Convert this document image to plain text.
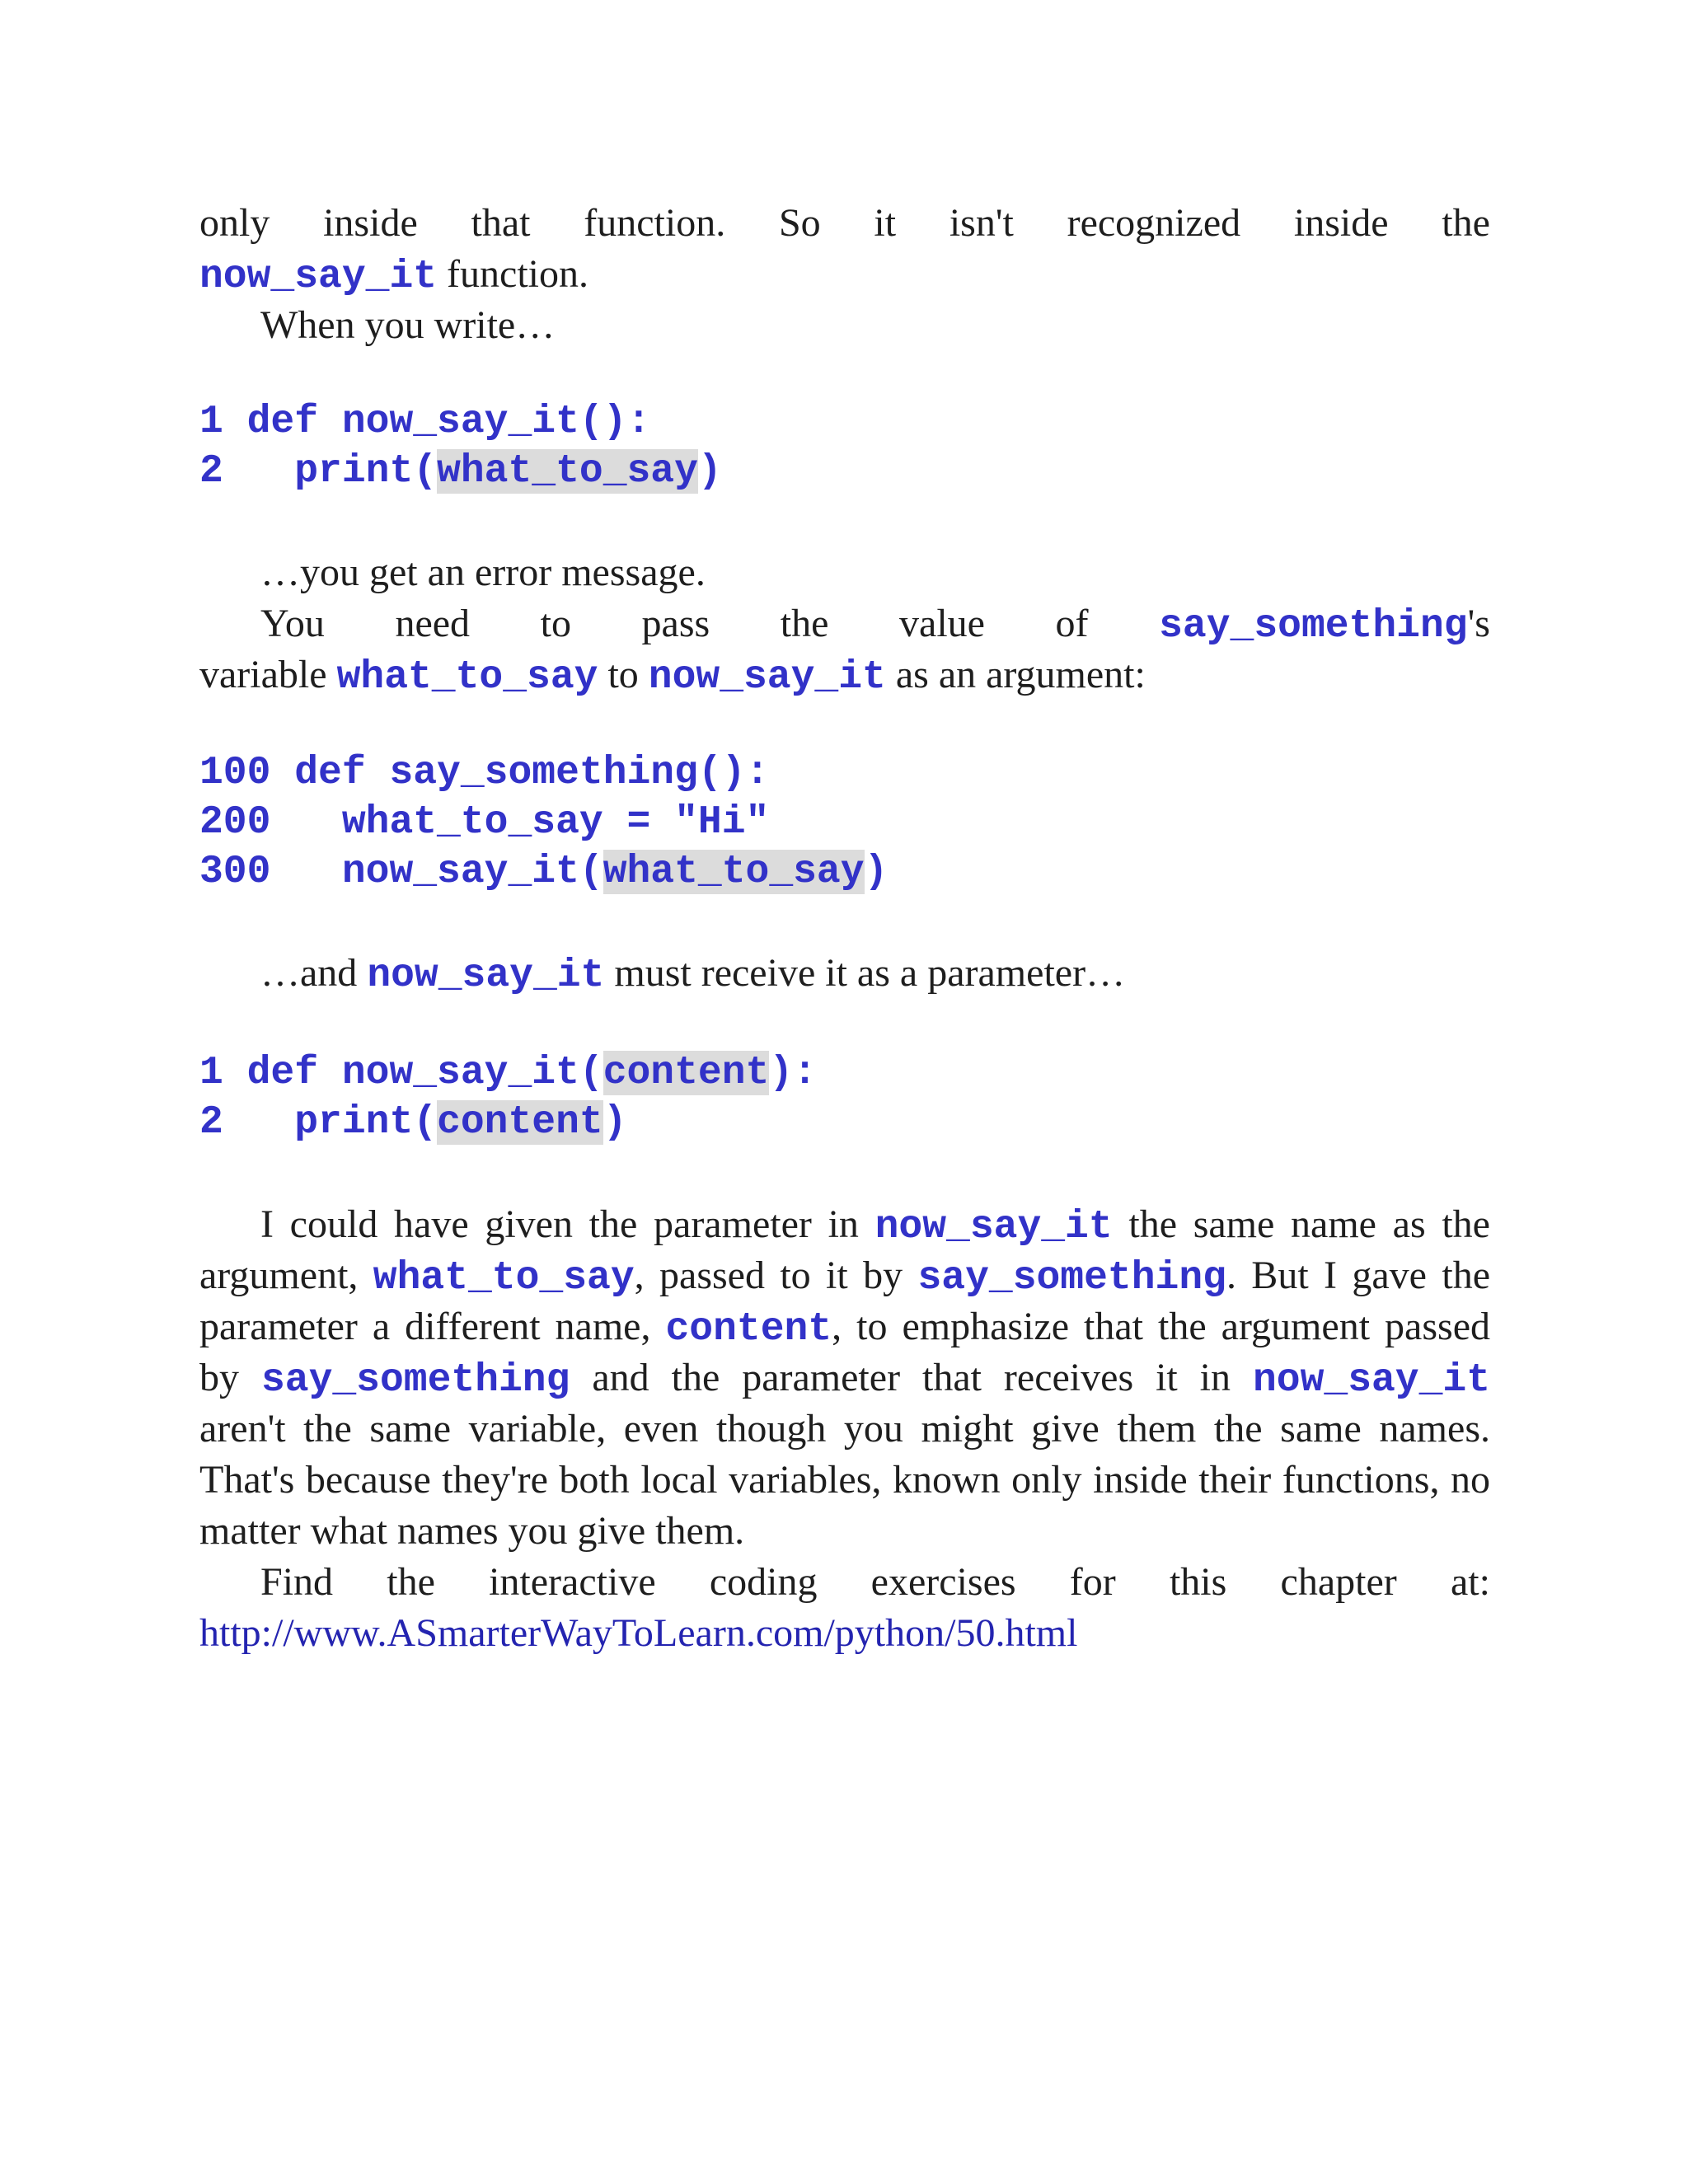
only inside that function. So it isn't recognized inside the
now_say_it function.
When you write…
1 def now_say_it():
2   print(what_to_say)
…you get an error message.
You need to pass the value of say_something's
variable what_to_say to now_say_it as an argument:
100 def say_something():
200   what_to_say = "Hi"
300   now_say_it(what_to_say)
…and now_say_it must receive it as a parameter…
1 def now_say_it(content):
2   print(content)
I could have given the parameter in now_say_it the same name as the
argument, what_to_say, passed to it by say_something. But I gave the
parameter a different name, content, to emphasize that the argument passed
by say_something and the parameter that receives it in now_say_it
aren't the same variable, even though you might give them the same names.
That's because they're both local variables, known only inside their functions, no
matter what names you give them.
Find the interactive coding exercises for this chapter at:
http://www.ASmarterWayToLearn.com/python/50.html
